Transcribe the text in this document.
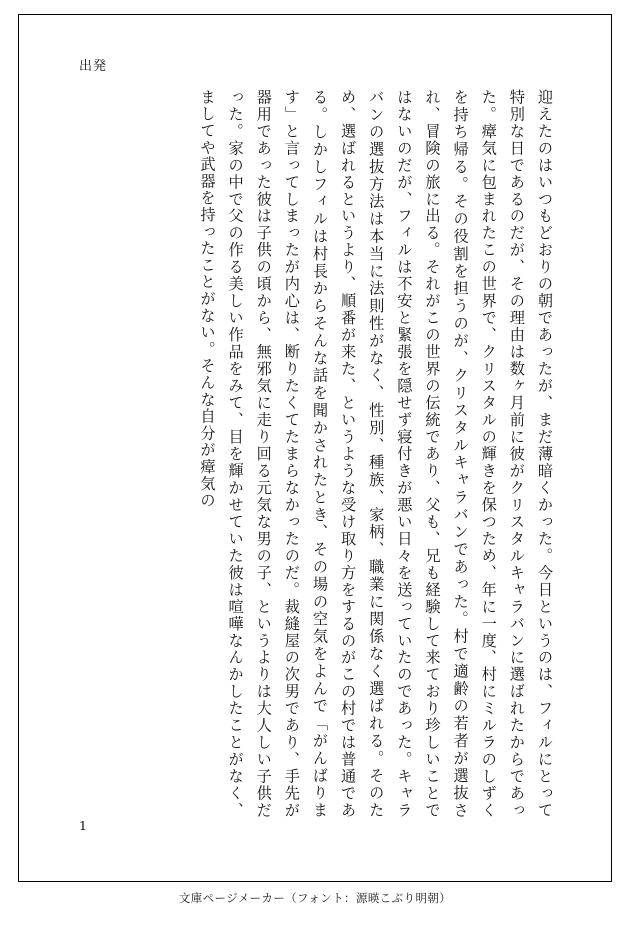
出発

迎えたのはいつもどおりの朝であったが、まだ薄暗くかった。今日というのは、フィルにとって特別な日であるのだが、その理由は数ヶ月前に彼がクリスタルキャラバンに選ばれたからであった。瘴気に包まれたこの世界で、クリスタルの輝きを保つため、年に一度、村にミルラのしずくを持ち帰る。その役割を担うのが、クリスタルキャラバンであった。村で適齢の若者が選抜され、冒険の旅に出る。それがこの世界の伝統であり、父も、兄も経験して来ており珍しいことではないのだが、フィルは不安と緊張を隠せず寝付きが悪い日々を送っていたのであった。キャラバンの選抜方法は本当に法則性がなく、性別、種族、家柄、職業に関係なく選ばれる。そのため、選ばれるというより、順番が来た、というような受け取り方をするのがこの村では普通である。しかしフィルは村長からそんな話を聞かされたとき、その場の空気をよんで「がんばります」と言ってしまったが内心は、断りたくてたまらなかったのだ。裁縫屋の次男であり、手先が器用であった彼は子供の頃から、無邪気に走り回る元気な男の子、というよりは大人しい子供だった。家の中で父の作る美しい作品をみて、目を輝かせていた彼は喧嘩なんかしたことがなく、ましてや武器を持ったことがない。そんな自分が瘴気の

1
文庫ページメーカー（フォント：源暎こぶり明朝）
